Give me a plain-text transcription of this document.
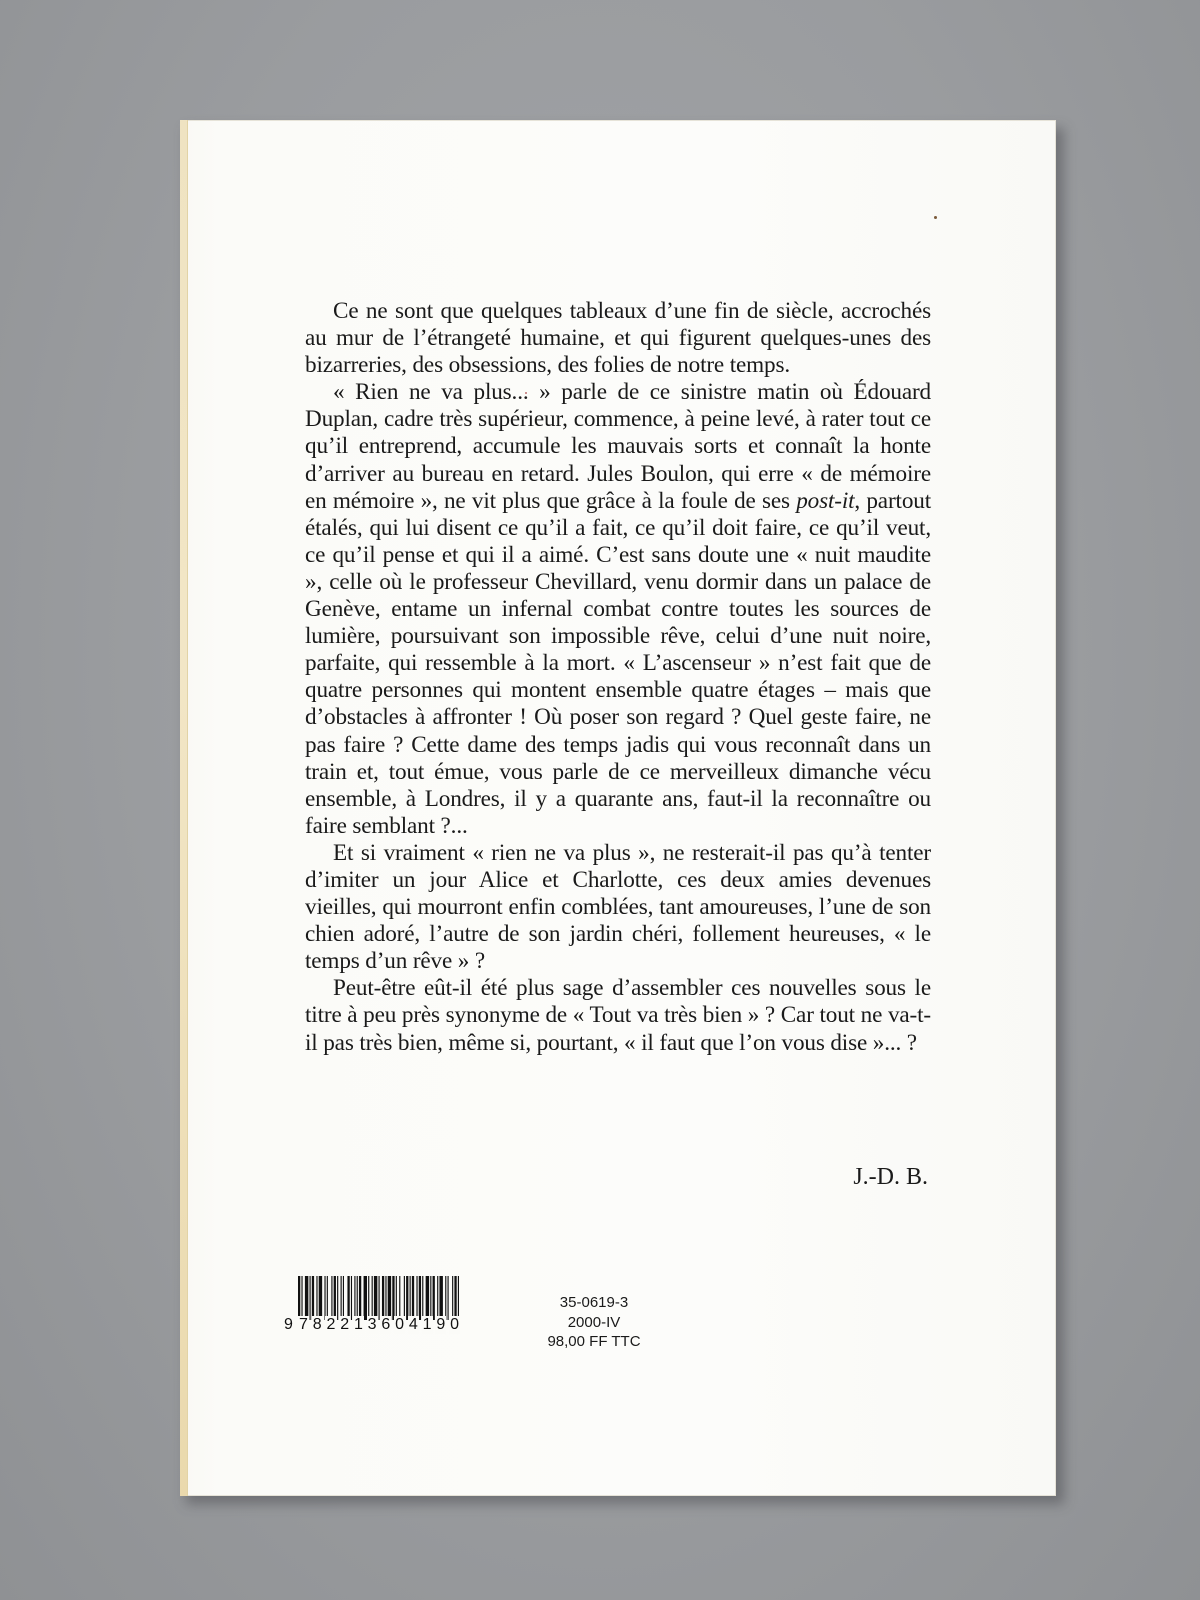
Ce ne sont que quelques tableaux d’une fin de siècle, accrochés au mur de l’étrangeté humaine, et qui figurent quelques-unes des bizarreries, des obsessions, des folies de notre temps.

« Rien ne va plus... » parle de ce sinistre matin où Édouard Duplan, cadre très supérieur, commence, à peine levé, à rater tout ce qu’il entreprend, accumule les mauvais sorts et connaît la honte d’arriver au bureau en retard. Jules Boulon, qui erre « de mémoire en mémoire », ne vit plus que grâce à la foule de ses post-it, partout étalés, qui lui disent ce qu’il a fait, ce qu’il doit faire, ce qu’il veut, ce qu’il pense et qui il a aimé. C’est sans doute une « nuit maudite », celle où le professeur Chevillard, venu dormir dans un palace de Genève, entame un infernal combat contre toutes les sources de lumière, poursuivant son impossible rêve, celui d’une nuit noire, parfaite, qui ressemble à la mort. « L’ascenseur » n’est fait que de quatre personnes qui montent ensemble quatre étages – mais que d’obstacles à affronter ! Où poser son regard ? Quel geste faire, ne pas faire ? Cette dame des temps jadis qui vous reconnaît dans un train et, tout émue, vous parle de ce merveilleux dimanche vécu ensemble, à Londres, il y a quarante ans, faut-il la reconnaître ou faire semblant ?...

Et si vraiment « rien ne va plus », ne resterait-il pas qu’à tenter d’imiter un jour Alice et Charlotte, ces deux amies devenues vieilles, qui mourront enfin comblées, tant amoureuses, l’une de son chien adoré, l’autre de son jardin chéri, follement heureuses, « le temps d’un rêve » ?

Peut-être eût-il été plus sage d’assembler ces nouvelles sous le titre à peu près synonyme de « Tout va très bien » ? Car tout ne va-t-il pas très bien, même si, pourtant, « il faut que l’on vous dise »... ?

J.-D. B.
9 7 8 2 2 1 3 6 0 4 1 9 0
35-0619-3
2000-IV
98,00 FF TTC
